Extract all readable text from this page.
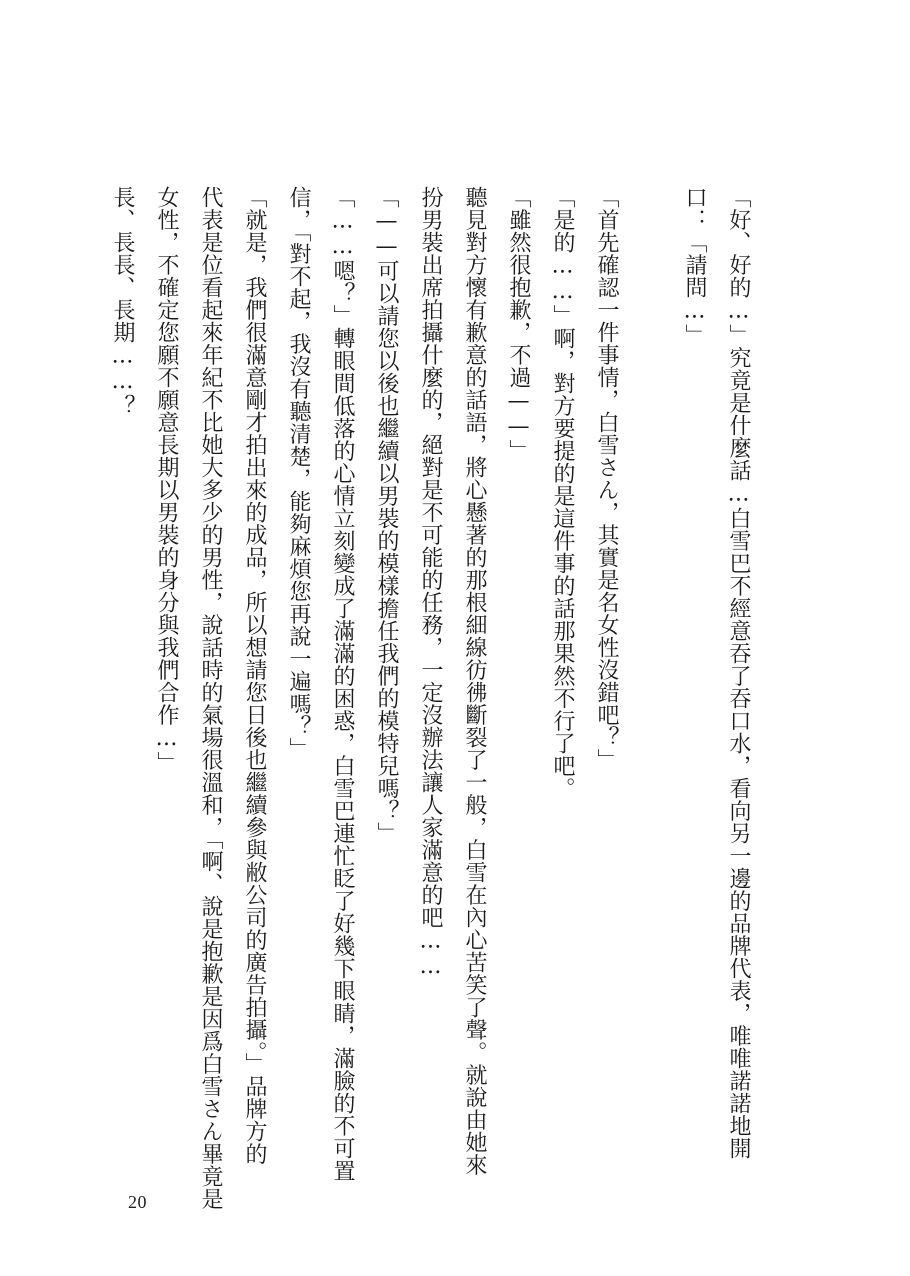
「好、好的…」究竟是什麼話…白雪巴不經意吞了吞口水，看向另一邊的品牌代表，唯唯諾諾地開
口：「請問…」
「首先確認一件事情，白雪さん，其實是名女性沒錯吧？」
「是的……」啊，對方要提的是這件事的話那果然不行了吧。
「雖然很抱歉，不過——」
聽見對方懷有歉意的話語，將心懸著的那根細線彷彿斷裂了一般，白雪在內心苦笑了聲。就說由她來
扮男裝出席拍攝什麼的，絕對是不可能的任務，一定沒辦法讓人家滿意的吧……
「——可以請您以後也繼續以男裝的模樣擔任我們的模特兒嗎？」
「……嗯？」轉眼間低落的心情立刻變成了滿滿的困惑，白雪巴連忙眨了好幾下眼睛，滿臉的不可置
信，「對不起，我沒有聽清楚，能夠麻煩您再說一遍嗎？」
「就是，我們很滿意剛才拍出來的成品，所以想請您日後也繼續參與敝公司的廣告拍攝。」品牌方的
代表是位看起來年紀不比她大多少的男性，說話時的氣場很溫和，「啊、說是抱歉是因爲白雪さん畢竟是
女性，不確定您願不願意長期以男裝的身分與我們合作…」
長、長長、長期……？
20
